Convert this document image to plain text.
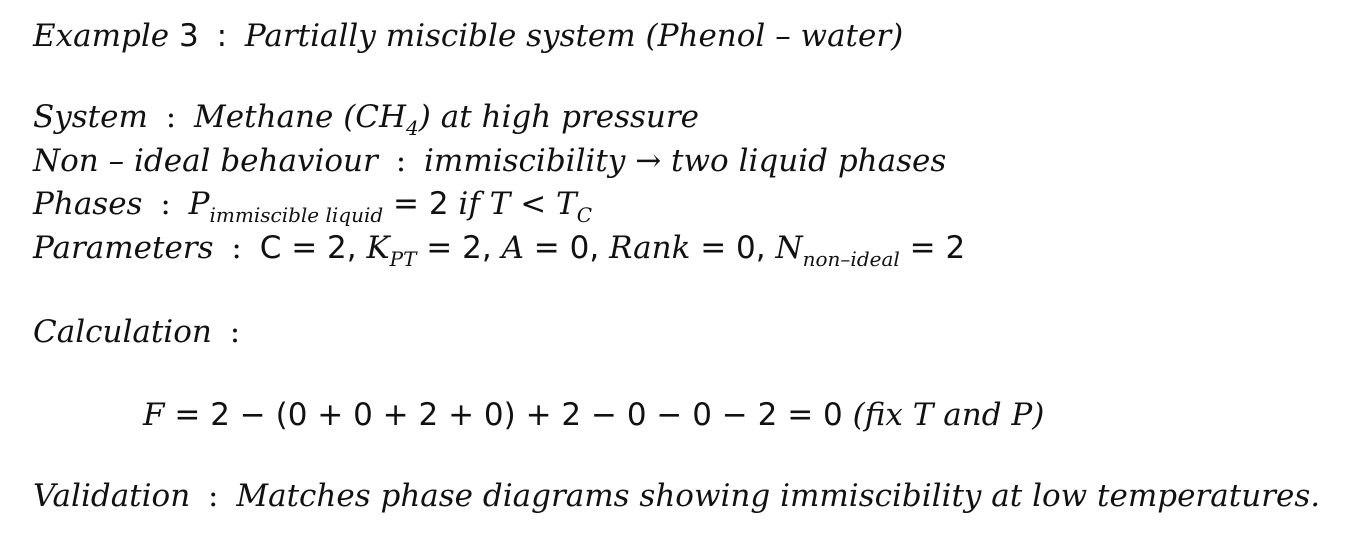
Example 3 : Partially miscible system (Phenol – water)
System : Methane $(CH_4)$ at high pressure
Non – ideal behaviour : immiscibility → two liquid phases
Phases : $P_{immiscible liquid} = 2$ if $T < T_C$
Parameters : C = 2, $K_{PT} = 2$, A = 0, Rank = 0, $N_{non-ideal} = 2$
Calculation :
F = 2 − (0 + 0 + 2 + 0) + 2 − 0 − 0 − 2 = 0 (fix T and P)
Validation : Matches phase diagrams showing immiscibility at low temperatures.
